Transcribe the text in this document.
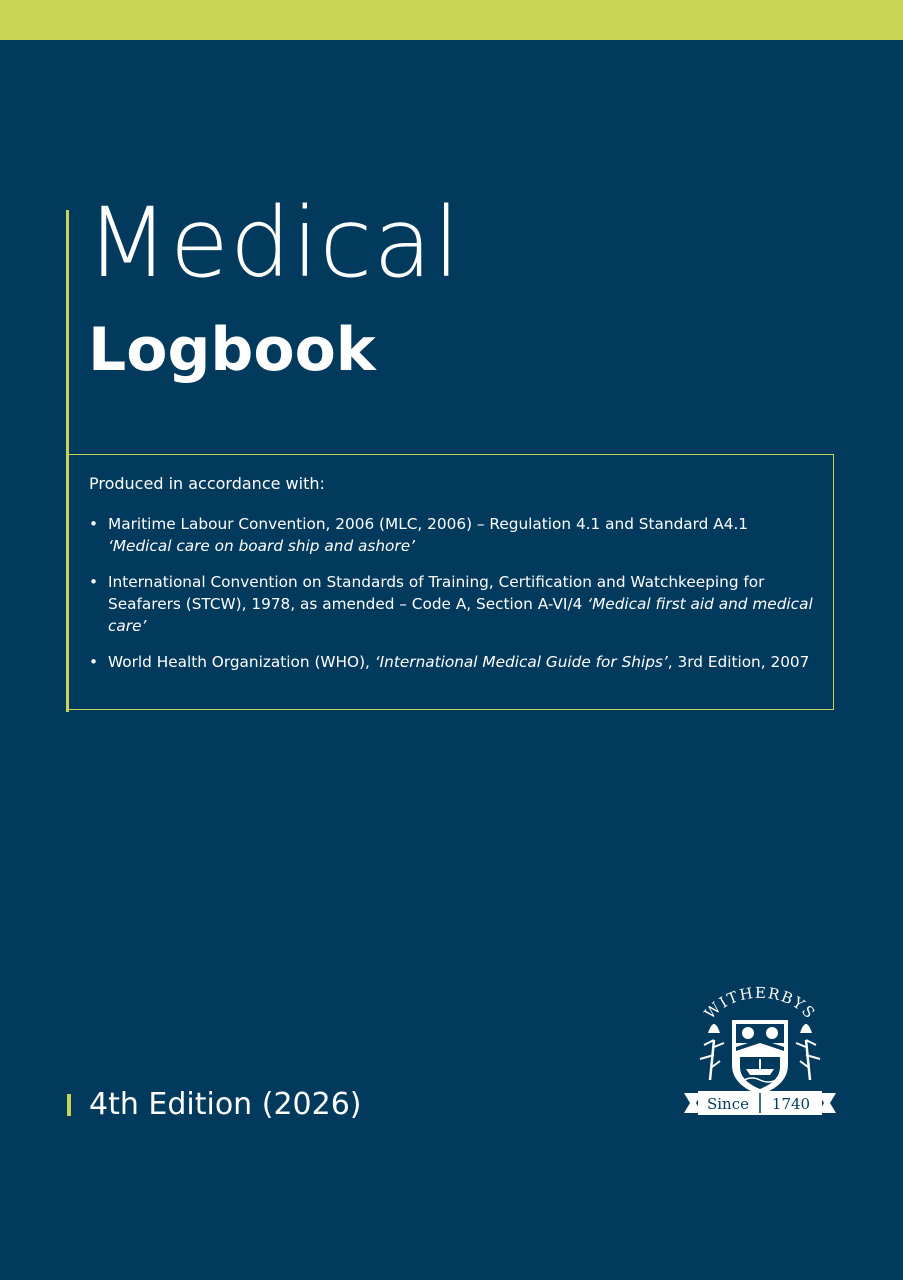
Medical
Logbook
Produced in accordance with:
• Maritime Labour Convention, 2006 (MLC, 2006) – Regulation 4.1 and Standard A4.1
‘Medical care on board ship and ashore’
• International Convention on Standards of Training, Certification and Watchkeeping for Seafarers (STCW), 1978, as amended – Code A, Section A-VI/4 ‘Medical first aid and medical care’
• World Health Organization (WHO), ‘International Medical Guide for Ships’, 3rd Edition, 2007
4th Edition (2026)
WITHERBYS
Since 1740
